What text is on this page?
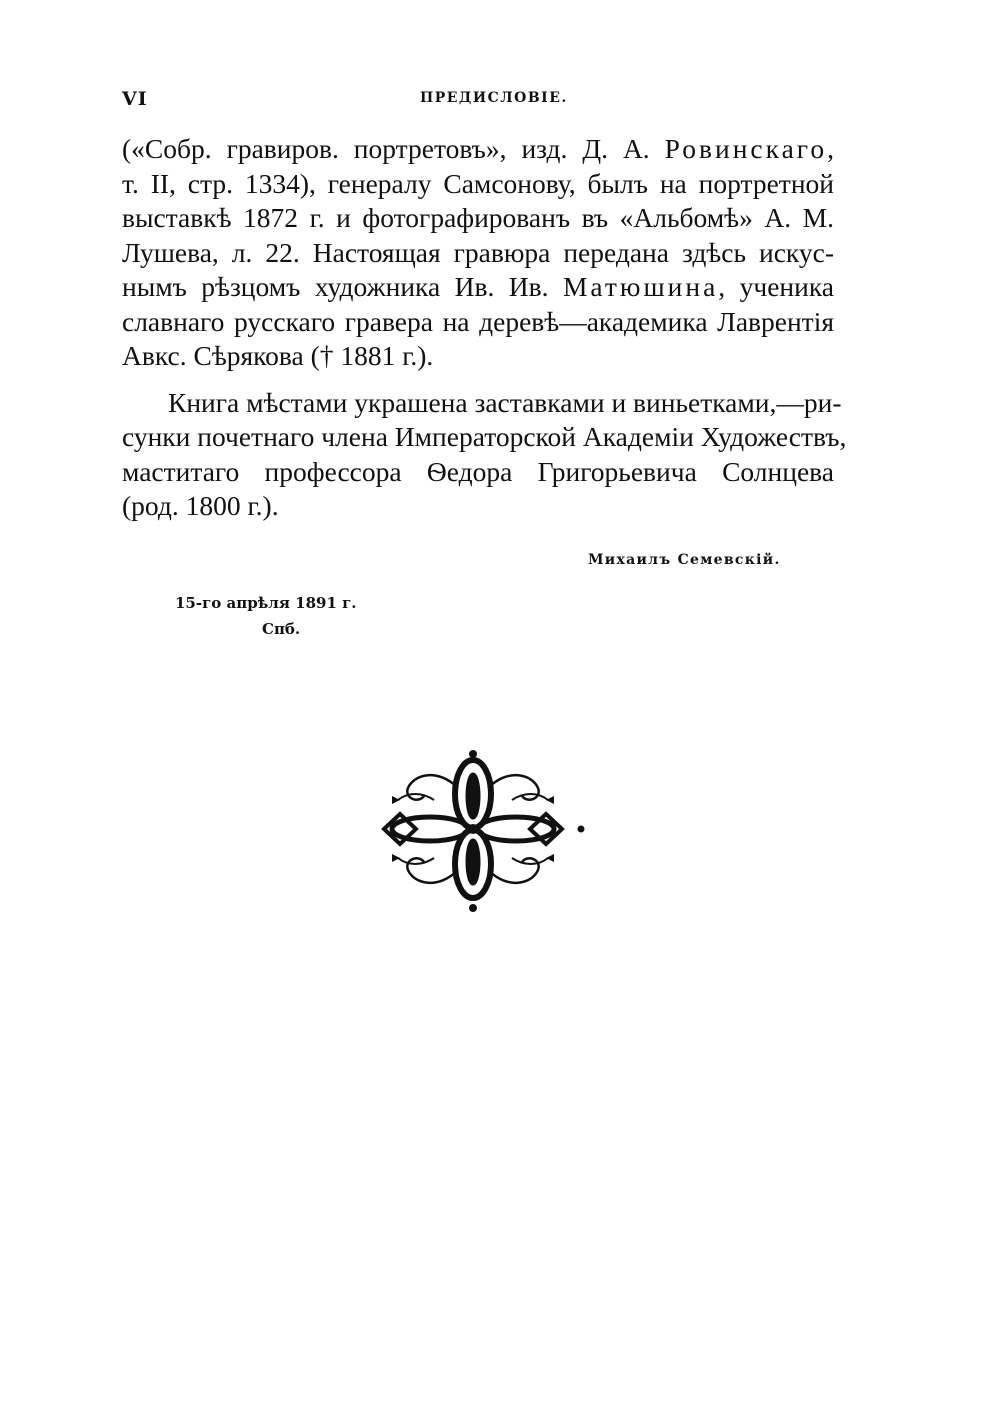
VI	ПРЕДИСЛОВІЕ.
(«Собр. гравиров. портретовъ», изд. Д. А. Ровинскаго,
т. II, стр. 1334), генералу Самсонову, былъ на портретной
выставкѣ 1872 г. и фотографированъ въ «Альбомѣ» А. М.
Лушева, л. 22. Настоящая гравюра передана здѣсь искус-
нымъ рѣзцомъ художника Ив. Ив. Матюшина, ученика
славнаго русскаго гравера на деревѣ—академика Лаврентія
Авкс. Сѣрякова († 1881 г.).
Книга мѣстами украшена заставками и виньетками,—ри-
сунки почетнаго члена Императорской Академіи Художествъ,
маститаго профессора Ѳедора Григорьевича Солнцева
(род. 1800 г.).
Михаилъ Семевскій.
15-го апрѣля 1891 г.
Спб.
